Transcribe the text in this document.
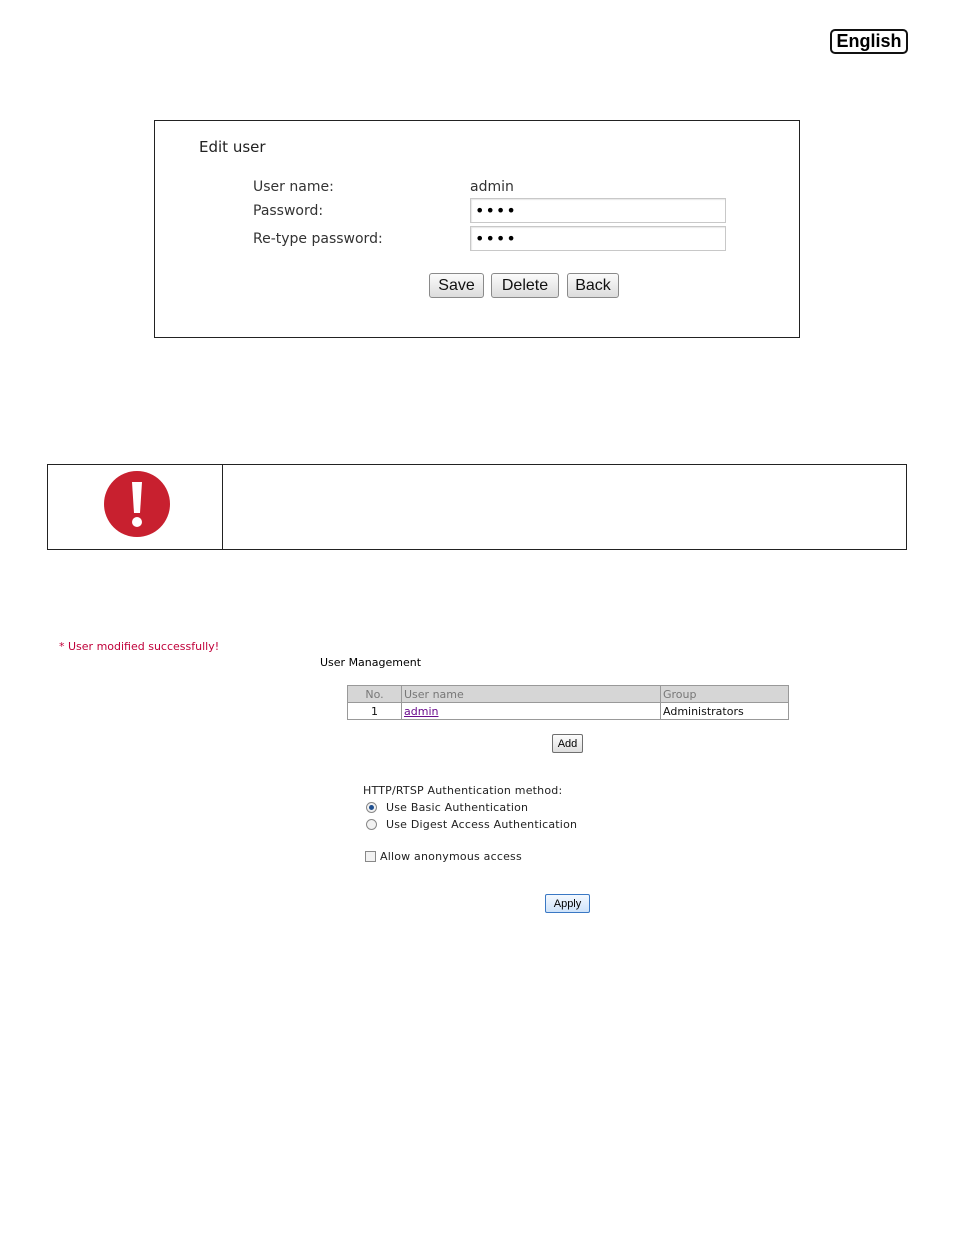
English
Edit user
User name:	admin
Password:	••••
Re-type password:	••••
Save	Delete	Back
* User modified successfully!
User Management
No.	User name	Group
1	admin	Administrators
Add
HTTP/RTSP Authentication method:
Use Basic Authentication
Use Digest Access Authentication
Allow anonymous access
Apply
